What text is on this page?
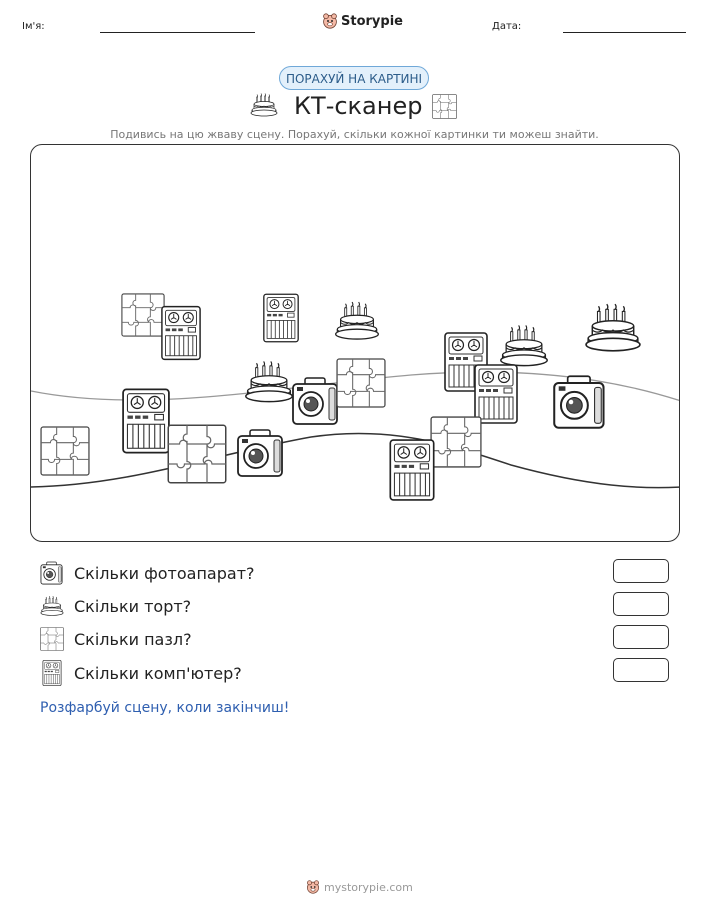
Ім'я:	Storypie	Дата:
ПОРАХУЙ НА КАРТИНІ
КТ-сканер
Подивись на цю жваву сцену. Порахуй, скільки кожної картинки ти можеш знайти.
Скільки фотоапарат?
Скільки торт?
Скільки пазл?
Скільки комп'ютер?
Розфарбуй сцену, коли закінчиш!
mystorypie.com
